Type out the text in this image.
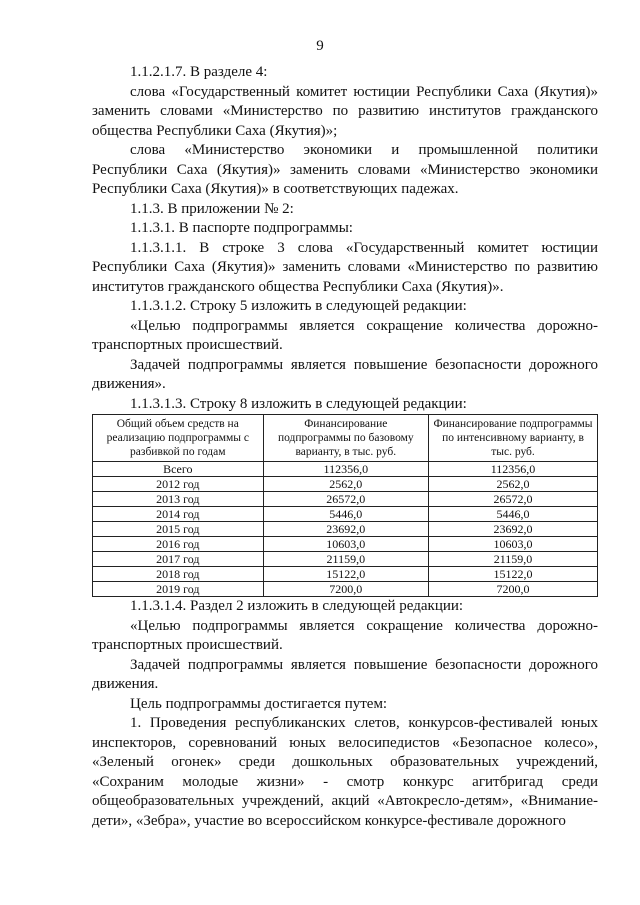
9

1.1.2.1.7. В разделе 4:

слова «Государственный комитет юстиции Республики Саха (Якутия)» заменить словами «Министерство по развитию институтов гражданского общества Республики Саха (Якутия)»;

слова «Министерство экономики и промышленной политики Республики Саха (Якутия)» заменить словами «Министерство экономики Республики Саха (Якутия)» в соответствующих падежах.

1.1.3. В приложении № 2:

1.1.3.1. В паспорте подпрограммы:

1.1.3.1.1. В строке 3 слова «Государственный комитет юстиции Республики Саха (Якутия)» заменить словами «Министерство по развитию институтов гражданского общества Республики Саха (Якутия)».

1.1.3.1.2. Строку 5 изложить в следующей редакции:

«Целью подпрограммы является сокращение количества дорожно-транспортных происшествий.

Задачей подпрограммы является повышение безопасности дорожного движения».

1.1.3.1.3. Строку 8 изложить в следующей редакции:

Общий объем средств на реализацию подпрограммы с разбивкой по годам	Финансирование подпрограммы по базовому варианту, в тыс. руб.	Финансирование подпрограммы по интенсивному варианту, в тыс. руб.
Всего	112356,0	112356,0
2012 год	2562,0	2562,0
2013 год	26572,0	26572,0
2014 год	5446,0	5446,0
2015 год	23692,0	23692,0
2016 год	10603,0	10603,0
2017 год	21159,0	21159,0
2018 год	15122,0	15122,0
2019 год	7200,0	7200,0

1.1.3.1.4. Раздел 2 изложить в следующей редакции:

«Целью подпрограммы является сокращение количества дорожно-транспортных происшествий.

Задачей подпрограммы является повышение безопасности дорожного движения.

Цель подпрограммы достигается путем:

1. Проведения республиканских слетов, конкурсов-фестивалей юных инспекторов, соревнований юных велосипедистов «Безопасное колесо», «Зеленый огонек» среди дошкольных образовательных учреждений, «Сохраним молодые жизни» - смотр конкурс агитбригад среди общеобразовательных учреждений, акций «Автокресло-детям», «Внимание-дети», «Зебра», участие во всероссийском конкурсе-фестивале дорожного
